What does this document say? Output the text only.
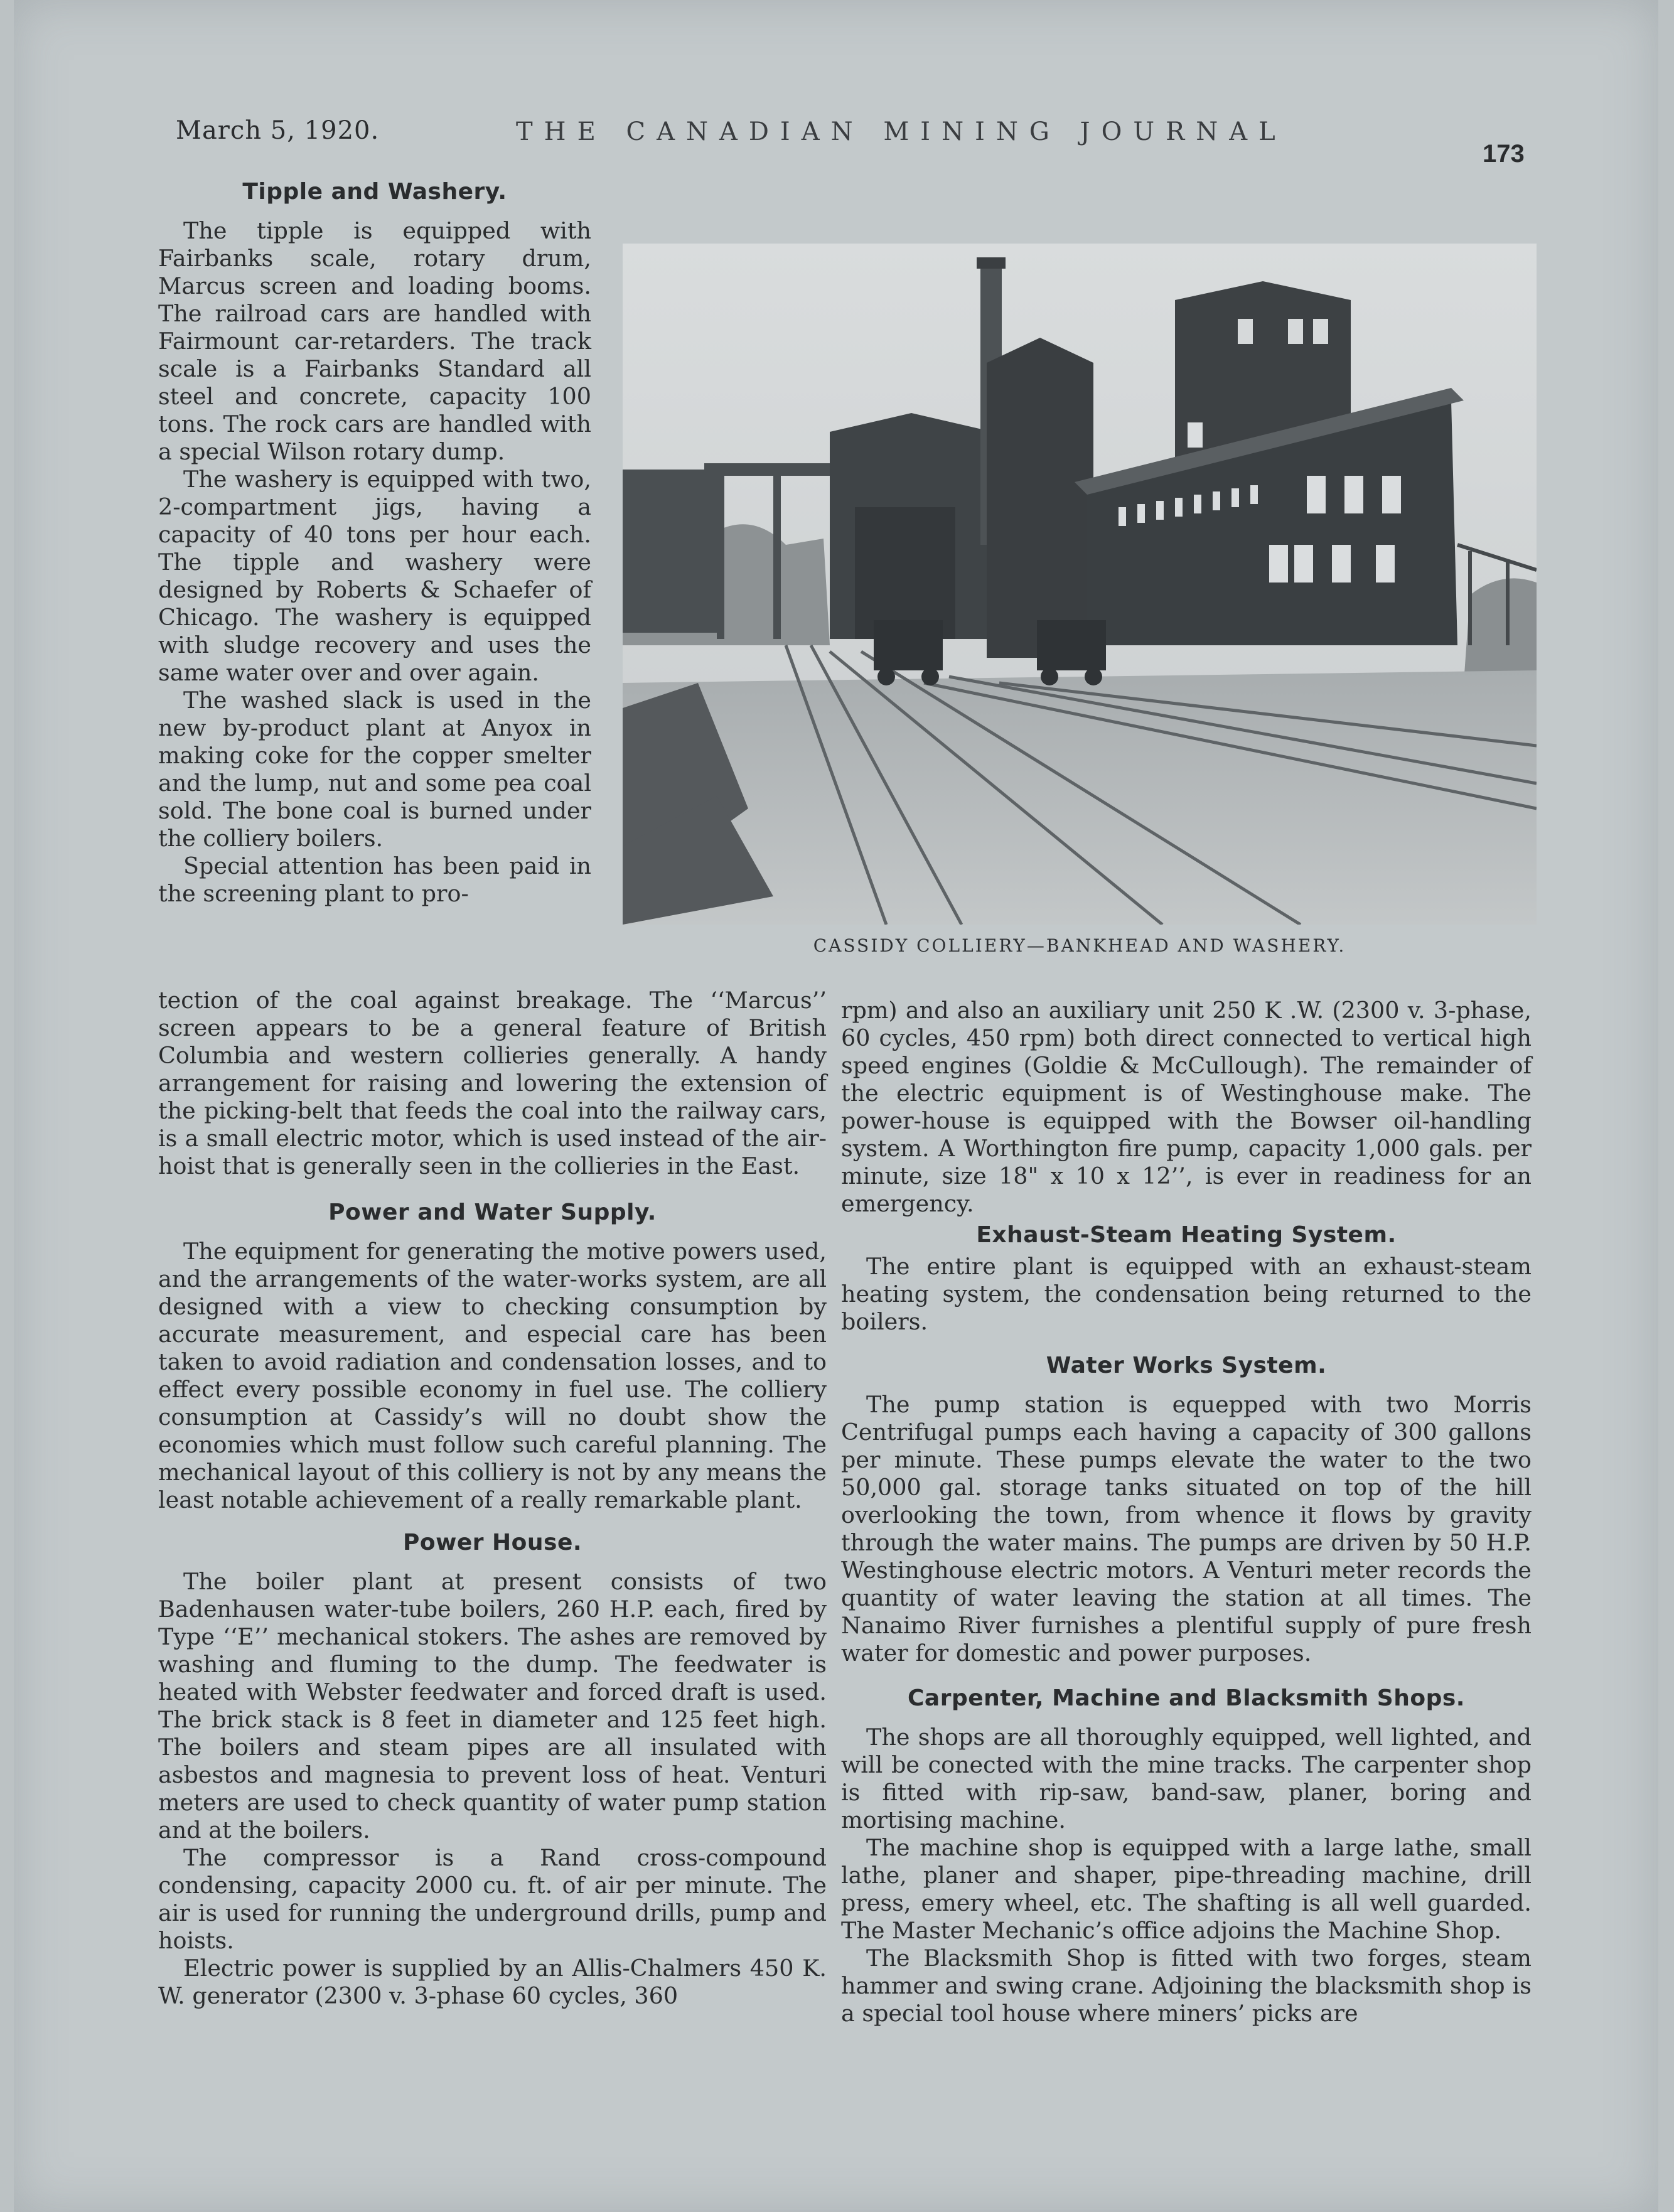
March 5, 1920.	THE CANADIAN MINING JOURNAL
173
Tipple and Washery.

The tipple is equipped with Fairbanks scale, rotary drum, Marcus screen and loading booms. The railroad cars are handled with Fairmount car-retarders. The track scale is a Fairbanks Standard all steel and concrete, capacity 100 tons. The rock cars are handled with a special Wilson rotary dump.

The washery is equipped with two, 2-compartment jigs, having a capacity of 40 tons per hour each. The tipple and washery were designed by Roberts & Schaefer of Chicago. The washery is equipped with sludge recovery and uses the same water over and over again.

The washed slack is used in the new by-product plant at Anyox in making coke for the copper smelter and the lump, nut and some pea coal sold. The bone coal is burned under the colliery boilers.

Special attention has been paid in the screening plant to pro-

CASSIDY COLLIERY—BANKHEAD AND WASHERY.

tection of the coal against breakage. The ‘‘Marcus’’ screen appears to be a general feature of British Columbia and western collieries generally. A handy arrangement for raising and lowering the extension of the picking-belt that feeds the coal into the railway cars, is a small electric motor, which is used instead of the air-hoist that is generally seen in the collieries in the East.

Power and Water Supply.

The equipment for generating the motive powers used, and the arrangements of the water-works system, are all designed with a view to checking consumption by accurate measurement, and especial care has been taken to avoid radiation and condensation losses, and to effect every possible economy in fuel use. The colliery consumption at Cassidy’s will no doubt show the economies which must follow such careful planning. The mechanical layout of this colliery is not by any means the least notable achievement of a really remarkable plant.

Power House.

The boiler plant at present consists of two Badenhausen water-tube boilers, 260 H.P. each, fired by Type ‘‘E’’ mechanical stokers. The ashes are removed by washing and fluming to the dump. The feedwater is heated with Webster feedwater and forced draft is used. The brick stack is 8 feet in diameter and 125 feet high. The boilers and steam pipes are all insulated with asbestos and magnesia to prevent loss of heat. Venturi meters are used to check quantity of water pump station and at the boilers.

The compressor is a Rand cross-compound condensing, capacity 2000 cu. ft. of air per minute. The air is used for running the underground drills, pump and hoists.

Electric power is supplied by an Allis-Chalmers 450 K. W. generator (2300 v. 3-phase 60 cycles, 360

rpm) and also an auxiliary unit 250 K .W. (2300 v. 3-phase, 60 cycles, 450 rpm) both direct connected to vertical high speed engines (Goldie & McCullough). The remainder of the electric equipment is of Westinghouse make. The power-house is equipped with the Bowser oil-handling system. A Worthington fire pump, capacity 1,000 gals. per minute, size 18" x 10 x 12’’, is ever in readiness for an emergency.

Exhaust-Steam Heating System.

The entire plant is equipped with an exhaust-steam heating system, the condensation being returned to the boilers.

Water Works System.

The pump station is equepped with two Morris Centrifugal pumps each having a capacity of 300 gallons per minute. These pumps elevate the water to the two 50,000 gal. storage tanks situated on top of the hill overlooking the town, from whence it flows by gravity through the water mains. The pumps are driven by 50 H.P. Westinghouse electric motors. A Venturi meter records the quantity of water leaving the station at all times. The Nanaimo River furnishes a plentiful supply of pure fresh water for domestic and power purposes.

Carpenter, Machine and Blacksmith Shops.

The shops are all thoroughly equipped, well lighted, and will be conected with the mine tracks. The carpenter shop is fitted with rip-saw, band-saw, planer, boring and mortising machine.

The machine shop is equipped with a large lathe, small lathe, planer and shaper, pipe-threading machine, drill press, emery wheel, etc. The shafting is all well guarded. The Master Mechanic’s office adjoins the Machine Shop.

The Blacksmith Shop is fitted with two forges, steam hammer and swing crane. Adjoining the blacksmith shop is a special tool house where miners’ picks are
